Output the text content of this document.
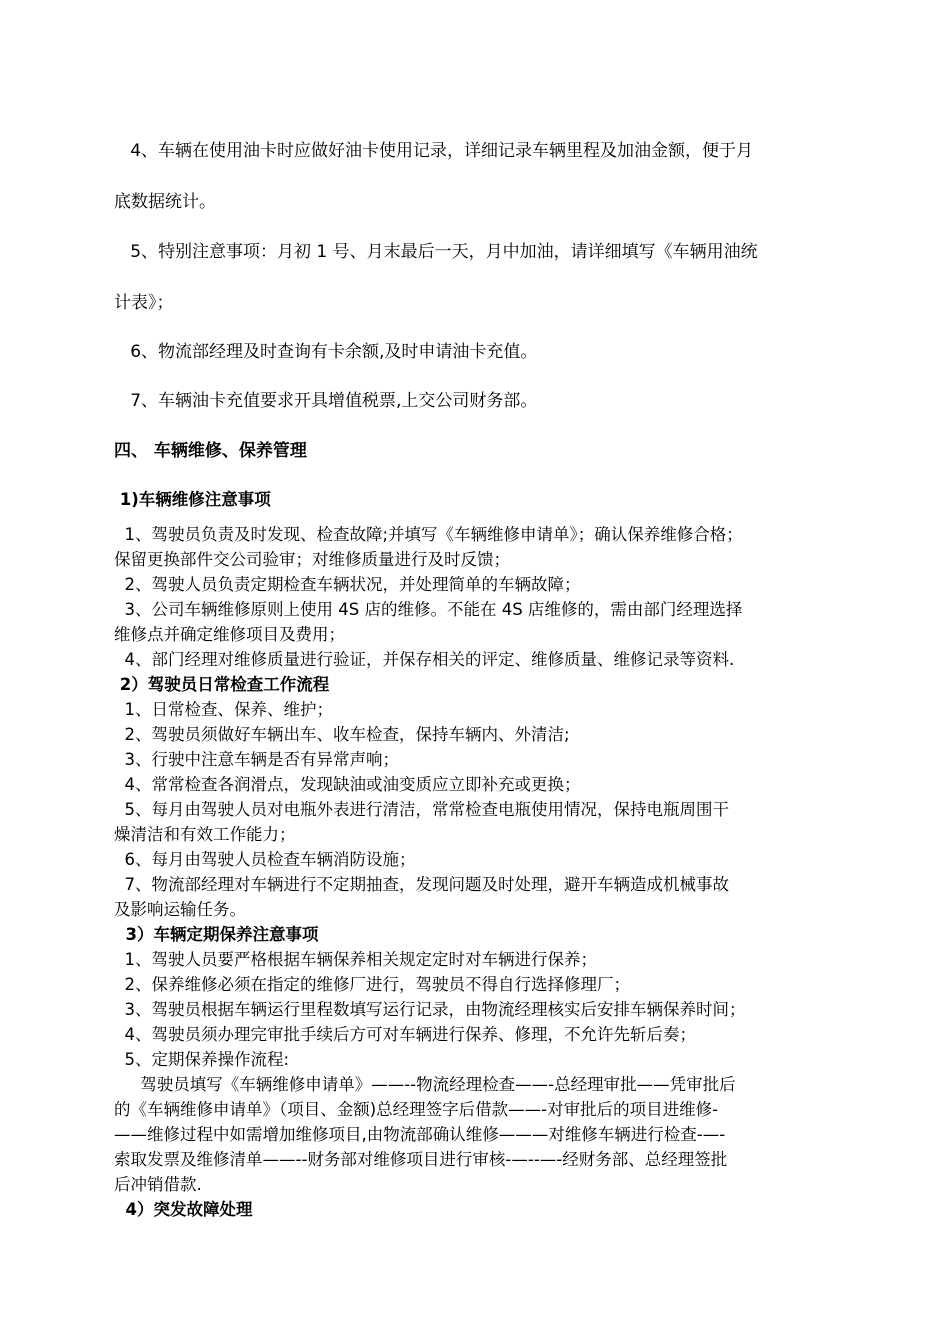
4、车辆在使用油卡时应做好油卡使用记录，详细记录车辆里程及加油金额，便于月
底数据统计。
5、特别注意事项：月初 1 号、月末最后一天，月中加油，请详细填写《车辆用油统
计表》；
6、物流部经理及时查询有卡余额,及时申请油卡充值。
7、车辆油卡充值要求开具增值税票,上交公司财务部。
四、 车辆维修、保养管理
1)车辆维修注意事项
1、驾驶员负责及时发现、检查故障;并填写《车辆维修申请单》；确认保养维修合格；
保留更换部件交公司验审；对维修质量进行及时反馈；
2、驾驶人员负责定期检查车辆状况，并处理简单的车辆故障；
3、公司车辆维修原则上使用 4S 店的维修。不能在 4S 店维修的，需由部门经理选择
维修点并确定维修项目及费用；
4、部门经理对维修质量进行验证，并保存相关的评定、维修质量、维修记录等资料.
2）驾驶员日常检查工作流程
1、日常检查、保养、维护；
2、驾驶员须做好车辆出车、收车检查，保持车辆内、外清洁;
3、行驶中注意车辆是否有异常声响；
4、常常检查各润滑点，发现缺油或油变质应立即补充或更换；
5、每月由驾驶人员对电瓶外表进行清洁，常常检查电瓶使用情况，保持电瓶周围干
燥清洁和有效工作能力；
6、每月由驾驶人员检查车辆消防设施；
7、物流部经理对车辆进行不定期抽查，发现问题及时处理，避开车辆造成机械事故
及影响运输任务。
3）车辆定期保养注意事项
1、驾驶人员要严格根据车辆保养相关规定定时对车辆进行保养；
2、保养维修必须在指定的维修厂进行，驾驶员不得自行选择修理厂；
3、驾驶员根据车辆运行里程数填写运行记录，由物流经理核实后安排车辆保养时间；
4、驾驶员须办理完审批手续后方可对车辆进行保养、修理，不允许先斩后奏；
5、定期保养操作流程:
驾驶员填写《车辆维修申请单》——--物流经理检查——-总经理审批——凭审批后
的《车辆维修申请单》（项目、金额)总经理签字后借款——-对审批后的项目进维修-
——维修过程中如需增加维修项目,由物流部确认维修———对维修车辆进行检查-—-
索取发票及维修清单——--财务部对维修项目进行审核-—--—-经财务部、总经理签批
后冲销借款.
4）突发故障处理
